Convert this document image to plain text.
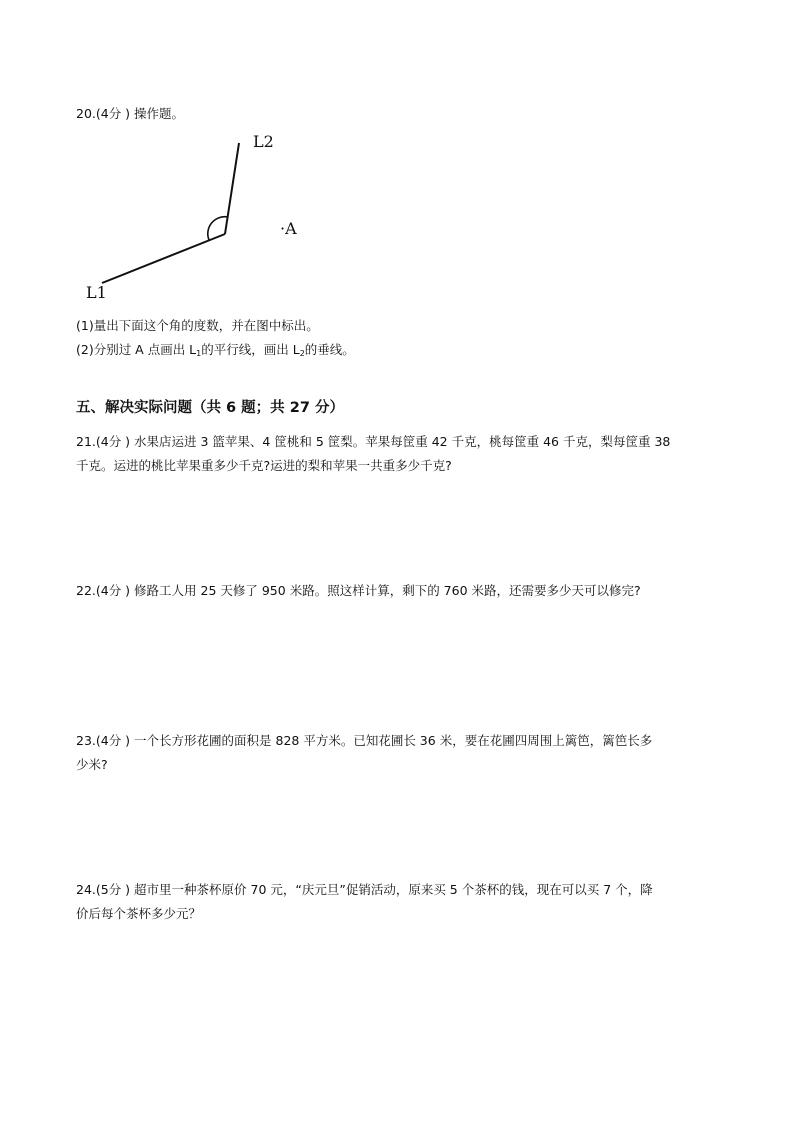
20.(4分 ) 操作题。
L2
L1
·A
(1)量出下面这个角的度数，并在图中标出。
(2)分别过 A 点画出 $L_1$的平行线，画出 $L_2$的垂线。
五、解决实际问题（共 6 题；共 27 分）
21.(4分 ) 水果店运进 3 篮苹果、4 筐桃和 5 筐梨。苹果每筐重 42 千克，桃每筐重 46 千克，梨每筐重 38
千克。运进的桃比苹果重多少千克?运进的梨和苹果一共重多少千克?
22.(4分 ) 修路工人用 25 天修了 950 米路。照这样计算，剩下的 760 米路，还需要多少天可以修完?
23.(4分 ) 一个长方形花圃的面积是 828 平方米。已知花圃长 36 米，要在花圃四周围上篱笆，篱笆长多
少米?
24.(5分 ) 超市里一种茶杯原价 70 元，“庆元旦”促销活动，原来买 5 个茶杯的钱，现在可以买 7 个，降
价后每个茶杯多少元？
